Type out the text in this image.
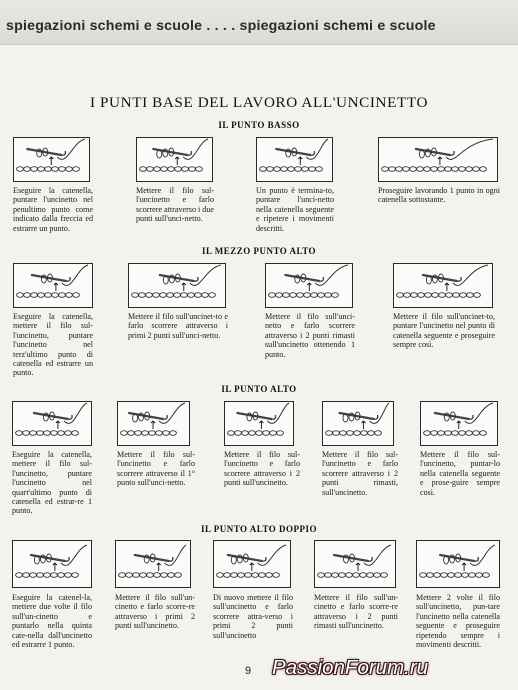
spiegazioni schemi e scuole . . . . spiegazioni schemi e scuole
I PUNTI BASE DEL LAVORO ALL'UNCINETTO
IL PUNTO BASSO
Eseguire la catenella, puntare l'uncinetto nel penultimo punto come indicato dalla freccia ed estrarre un punto.
Mettere il filo sul-l'uncinetto e farlo scorrere attraverso i due punti sull'unci-netto.
Un punto è termina-to, puntare l'unci-netto nella catenella seguente e ripetere i movimenti descritti.
Proseguire lavorando 1 punto in ogni catenella sottostante.
IL MEZZO PUNTO ALTO
Eseguire la catenella, mettere il filo sul-l'uncinetto, puntare l'uncinetto nel terz'ultimo punto di catenella ed estrarre un punto.
Mettere il filo sull'uncinet-to e farlo scorrere attraverso i primi 2 punti sull'unci-netto.
Mettere il filo sull'unci-netto e farlo scorrere attraverso i 2 punti rimasti sull'uncinetto ottenendo 1 punto.
Mettere il filo sull'uncinet-to, puntare l'uncinetto nel punto di catenella seguente e proseguire sempre così.
IL PUNTO ALTO
Eseguire la catenella, mettere il filo sul-l'uncinetto, puntare l'uncinetto nel quart'ultimo punto di catenella ed estrar-re 1 punto.
Mettere il filo sul-l'uncinetto e farlo scorrere attraverso il 1° punto sull'unci-netto.
Mettere il filo sul-l'uncinetto e farlo scorrere attraverso i 2 punti sull'uncinetto.
Mettere il filo sul-l'uncinetto e farlo scorrere attraverso i 2 punti rimasti, sull'uncinetto.
Mettere il filo sul-l'uncinetto, puntar-lo nella catenella seguente e prose-guire sempre così.
IL PUNTO ALTO DOPPIO
Eseguire la catenel-la, mettere due volte il filo sull'un-cinetto e puntarlo nella quinta cate-nella dall'uncinetto ed estrarre 1 punto.
Mettere il filo sull'un-cinetto e farlo scorre-re attraverso i primi 2 punti sull'uncinetto.
Di nuovo mettere il filo sull'uncinetto e farlo scorrere attra-verso i primi 2 punti sull'uncinetto
Mettere il filo sull'un-cinetto e farlo scorre-re attraverso i 2 punti rimasti sull'uncinetto.
Mettere 2 volte il filo sull'uncinetto, pun-tare l'uncinetto nella catenella seguente e proseguire ripetendo sempre i movimenti descritti.
9 PassionForum.ru
